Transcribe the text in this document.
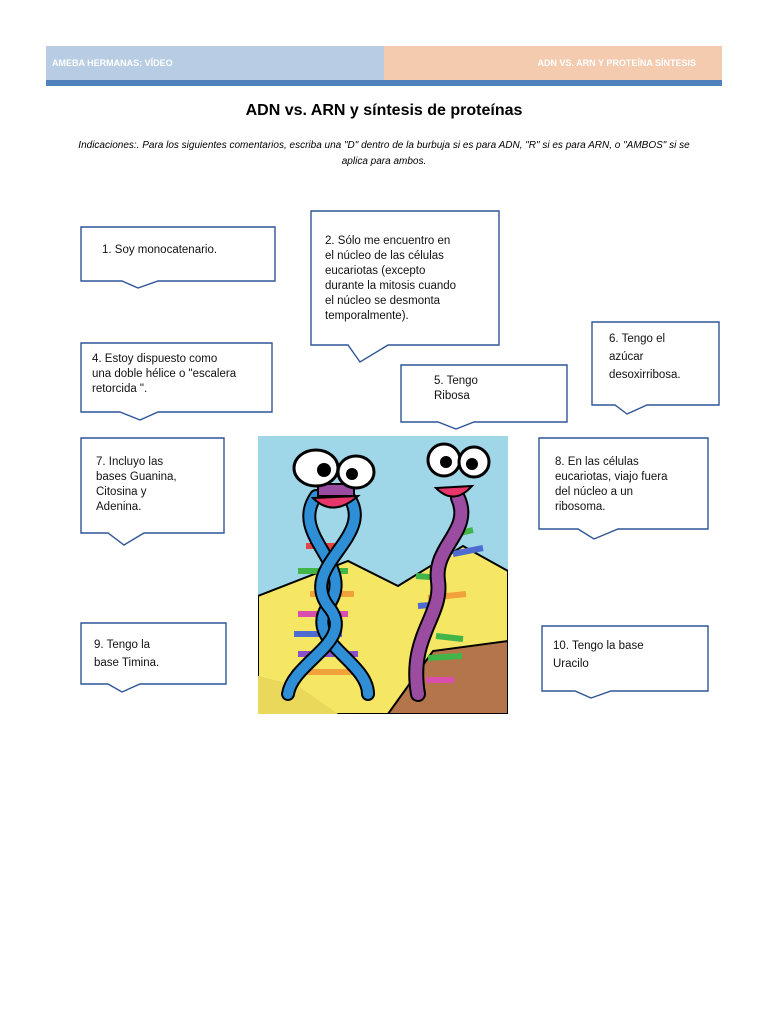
AMEBA HERMANAS: VÍDEO	ADN VS. ARN Y PROTEÍNA SÍNTESIS
ADN vs. ARN y síntesis de proteínas
Indicaciones:. Para los siguientes comentarios, escriba una "D" dentro de la burbuja si es para ADN, "R" si es para ARN, o "AMBOS" si se aplica para ambos.
1. Soy monocatenario.
2. Sólo me encuentro en
el núcleo de las células
eucariotas (excepto
durante la mitosis cuando
el núcleo se desmonta
temporalmente).
4. Estoy dispuesto como
una doble hélice o "escalera
retorcida ".
5. Tengo
Ribosa
6. Tengo el
azúcar
desoxirribosa.
7. Incluyo las
bases Guanina,
Citosina y
Adenina.
8. En las células
eucariotas, viajo fuera
del núcleo a un
ribosoma.
9. Tengo la
base Timina.
10. Tengo la base
Uracilo
